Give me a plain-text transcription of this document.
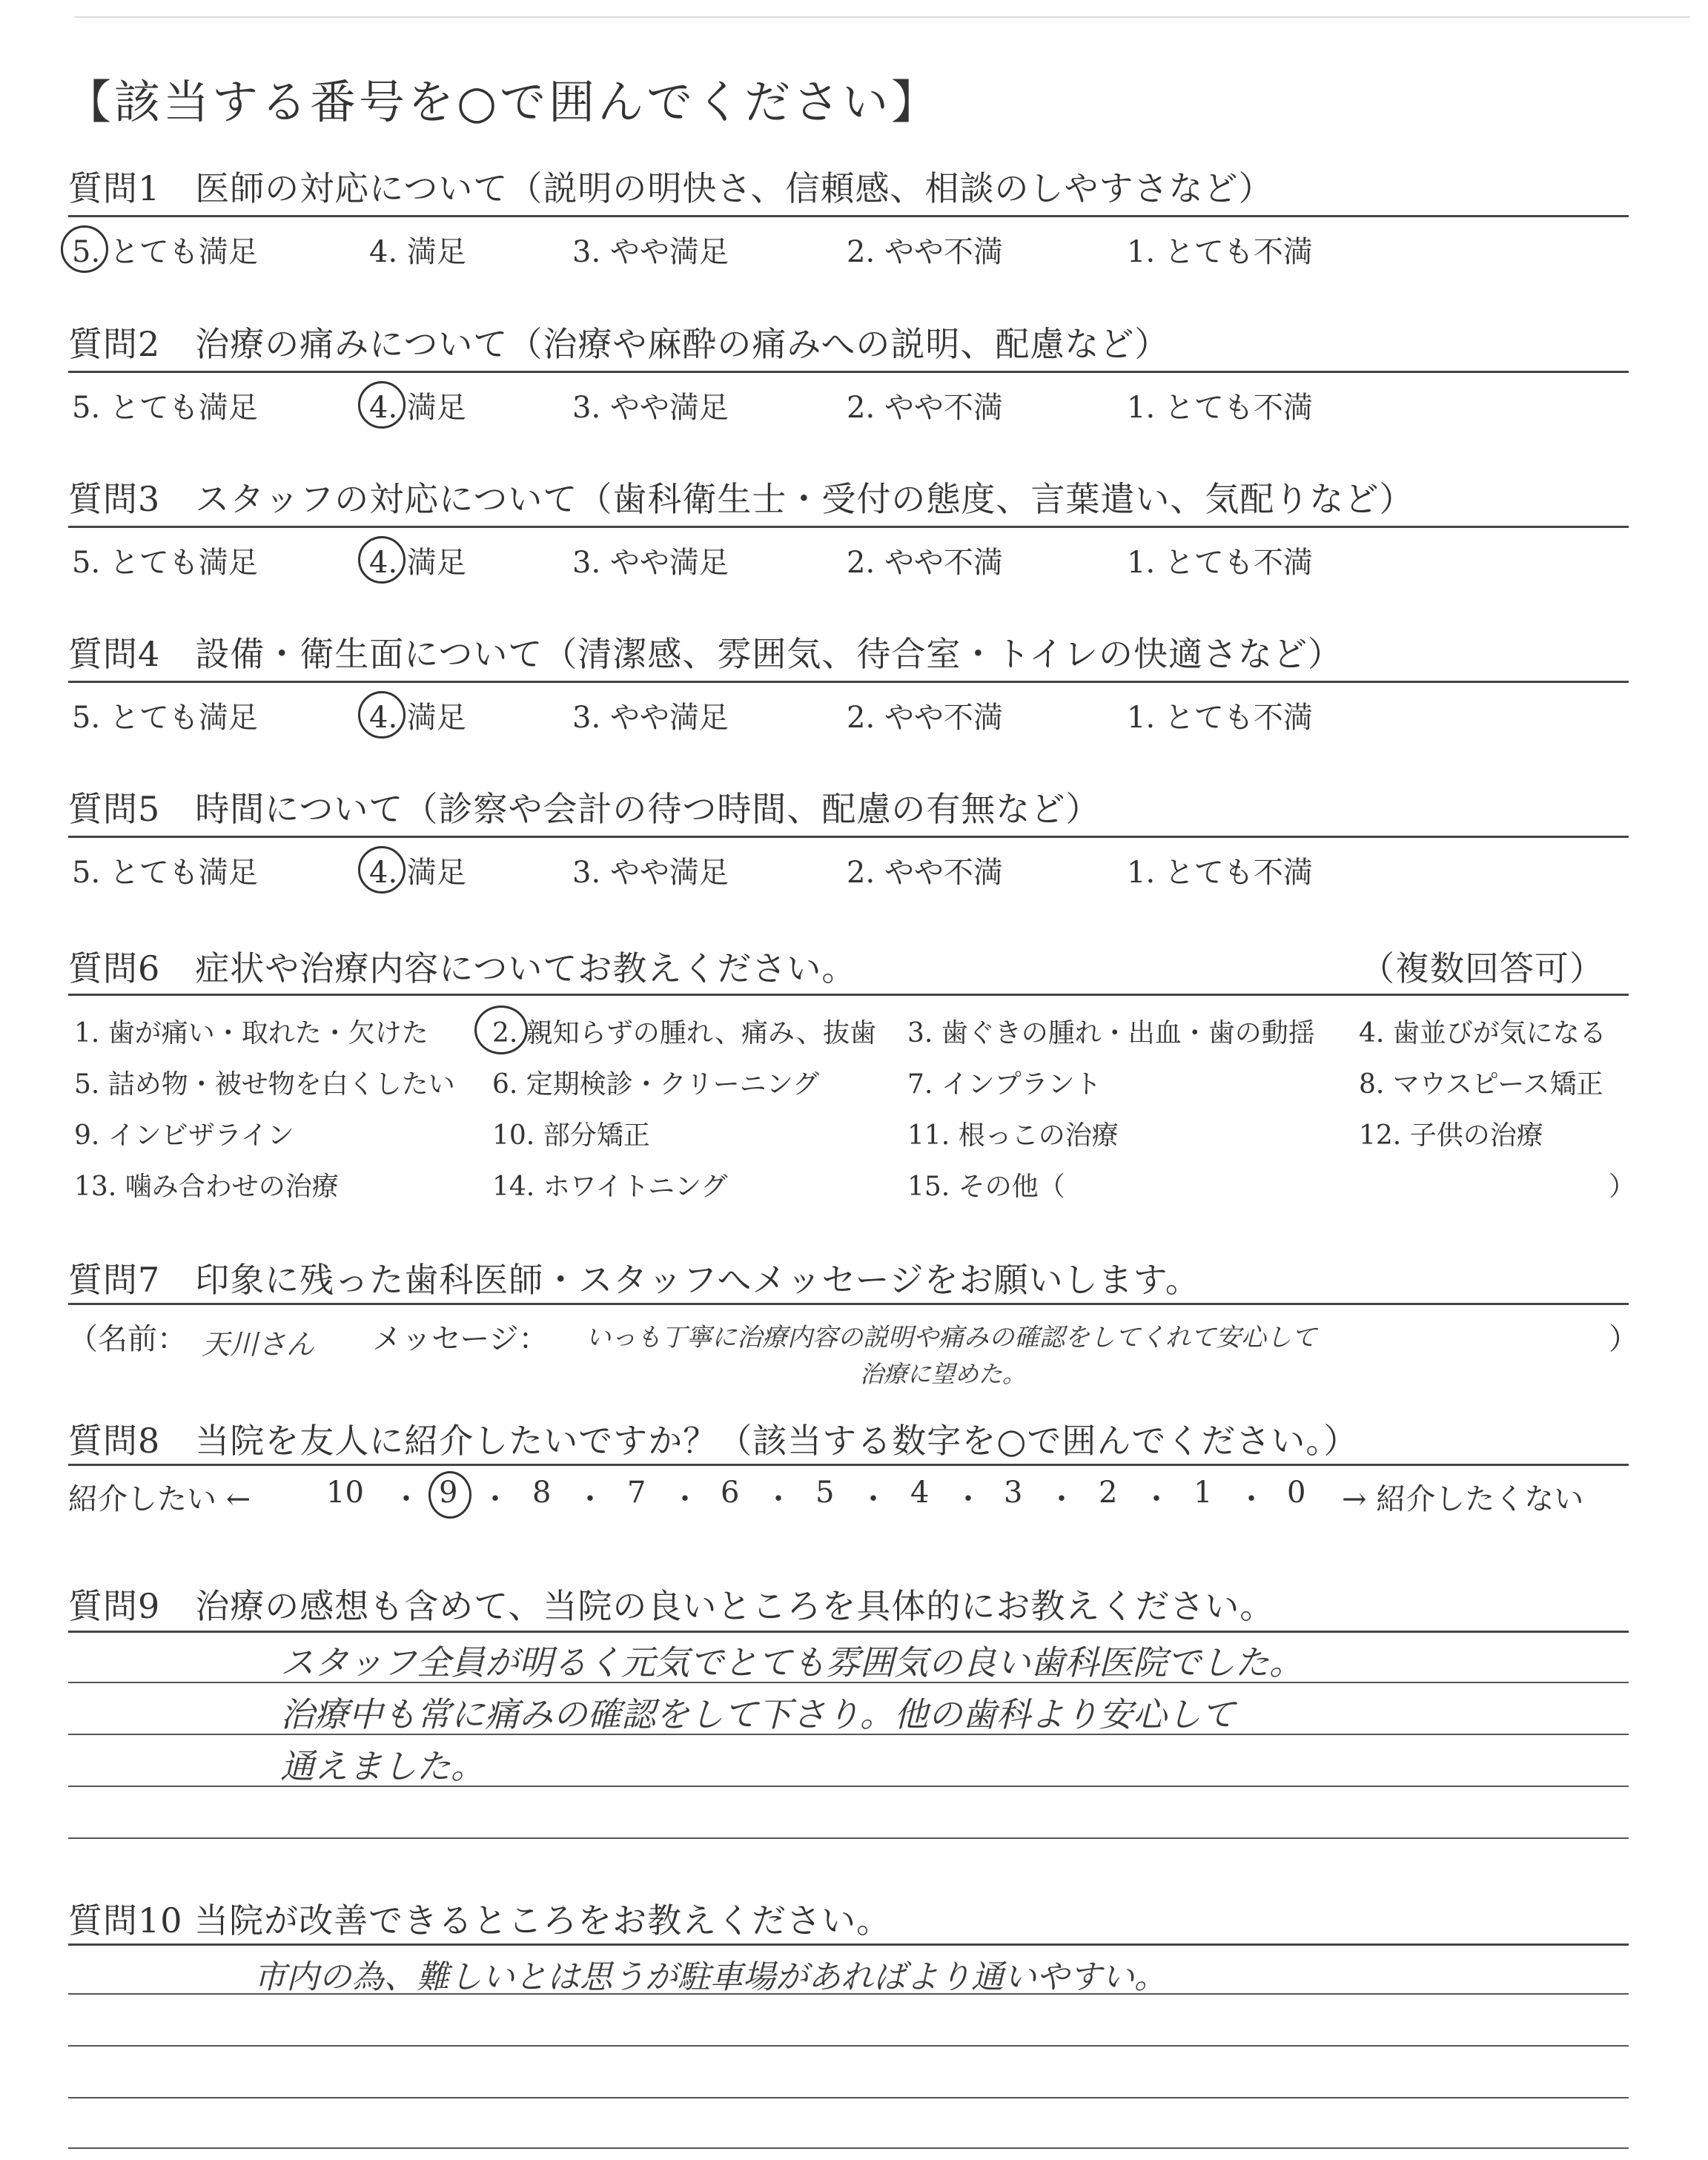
【該当する番号を○で囲んでください】
質問1　医師の対応について（説明の明快さ、信頼感、相談のしやすさなど）
5. とても満足	4. 満足	3. やや満足	2. やや不満	1. とても不満
質問2　治療の痛みについて（治療や麻酔の痛みへの説明、配慮など）
5. とても満足	4. 満足	3. やや満足	2. やや不満	1. とても不満
質問3　スタッフの対応について（歯科衛生士・受付の態度、言葉遣い、気配りなど）
5. とても満足	4. 満足	3. やや満足	2. やや不満	1. とても不満
質問4　設備・衛生面について（清潔感、雰囲気、待合室・トイレの快適さなど）
5. とても満足	4. 満足	3. やや満足	2. やや不満	1. とても不満
質問5　時間について（診察や会計の待つ時間、配慮の有無など）
5. とても満足	4. 満足	3. やや満足	2. やや不満	1. とても不満
質問6　症状や治療内容についてお教えください。	（複数回答可）
1. 歯が痛い・取れた・欠けた 2. 親知らずの腫れ、痛み、抜歯 3. 歯ぐきの腫れ・出血・歯の動揺 4. 歯並びが気になる
5. 詰め物・被せ物を白くしたい 6. 定期検診・クリーニング	7. インプラント	8. マウスピース矯正
9. インビザライン	10. 部分矯正	11. 根っこの治療	12. 子供の治療
13. 噛み合わせの治療	14. ホワイトニング	15. その他（	）
質問7　印象に残った歯科医師・スタッフへメッセージをお願いします。
（名前： 天川さん メッセージ： いっも丁寧に治療内容の説明や痛みの確認をしてくれて安心して
治療に望めた。
）
質問8　当院を友人に紹介したいですか？（該当する数字を○で囲んでください。）
紹介したい ←	→ 紹介したくない
10 ・ 9 ・ 8 ・ 7 ・ 6 ・ 5 ・ 4 ・ 3 ・ 2 ・ 1 ・ 0
質問9　治療の感想も含めて、当院の良いところを具体的にお教えください。
スタッフ全員が明るく元気でとても雰囲気の良い歯科医院でした。
治療中も常に痛みの確認をして下さり。他の歯科より安心して
通えました。
質問10 当院が改善できるところをお教えください。
市内の為、難しいとは思うが駐車場があればより通いやすい。
